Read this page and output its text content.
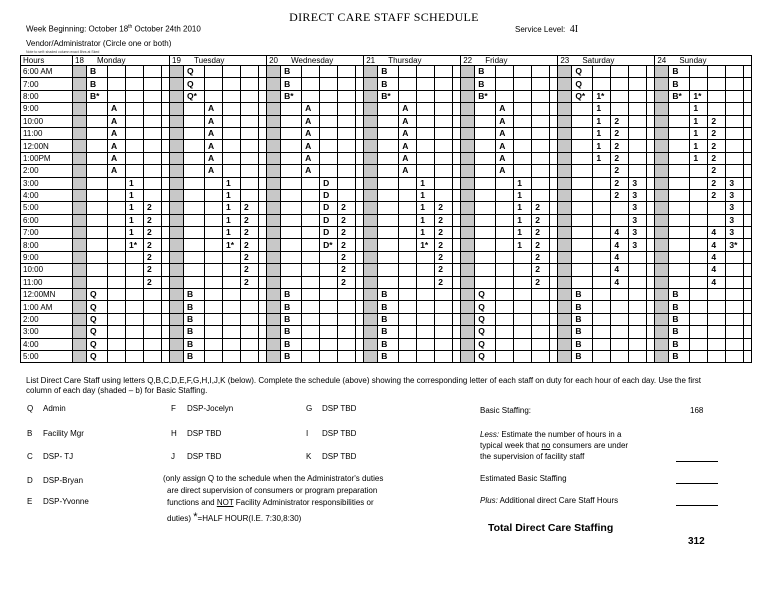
DIRECT CARE STAFF SCHEDULE
Week Beginning: October 18th October 24th 2010	Service Level: 4I
Vendor/Administrator (Circle one or both)
Note to self: shaded column exact 8hrs at Sked
Hours	18 Monday						19 Tuesday						20 Wednesday						21 Thursday						22 Friday						23 Saturday						24 Sunday					
6:00 AM		B						Q						B						B						B						Q						B				
7:00		B						Q						B						B						B						Q						B				
8:00		B*						Q*						B*						B*						B*						Q*	1*					B*	1*			
9:00			A						A						A						A						A						1						1			
10:00			A						A						A						A						A						1	2					1	2		
11:00			A						A						A						A						A						1	2					1	2		
12:00N			A						A						A						A						A						1	2					1	2		
1:00PM			A						A						A						A						A						1	2					1	2		
2:00			A						A						A						A						A							2						2		
3:00				1						1						D						1						1						2	3					2	3	
4:00				1						1						D						1						1						2	3					2	3	
5:00				1	2					1	2					D	2					1	2					1	2						3						3	
6:00				1	2					1	2					D	2					1	2					1	2						3						3	
7:00				1	2					1	2					D	2					1	2					1	2					4	3					4	3	
8:00				1*	2					1*	2					D*	2					1*	2					1	2					4	3					4	3*	
9:00					2						2						2						2						2					4						4		
10:00					2						2						2						2						2					4						4		
11:00					2						2						2						2						2					4						4		
12:00MN		Q						B						B						B						Q						B						B				
1:00 AM		Q						B						B						B						Q						B						B				
2:00		Q						B						B						B						Q						B						B				
3:00		Q						B						B						B						Q						B						B				
4:00		Q						B						B						B						Q						B						B				
5:00		Q						B						B						B						Q						B						B				
List Direct Care Staff using letters Q,B,C,D,E,F,G,H,I,J,K (below). Complete the schedule (above) showing the corresponding letter of each staff on duty for each hour of each day. Use the first column of each day (shaded – b) for Basic Staffing.
Q Admin
B Facility Mgr
C DSP- TJ
D DSP-Bryan
E DSP-Yvonne
F DSP-Jocelyn
H DSP TBD
J DSP TBD
G DSP TBD
I DSP TBD
K DSP TBD
(only assign Q to the schedule when the Administrator's duties
are direct supervision of consumers or program preparation
functions and NOT Facility Administrator responsibilities or
duties) *=HALF HOUR(I.E. 7:30,8:30)
Basic Staffing:	168
Less: Estimate the number of hours in a
typical week that no consumers are under
the supervision of facility staff
Estimated Basic Staffing
Plus: Additional direct Care Staff Hours
Total Direct Care Staffing
312
